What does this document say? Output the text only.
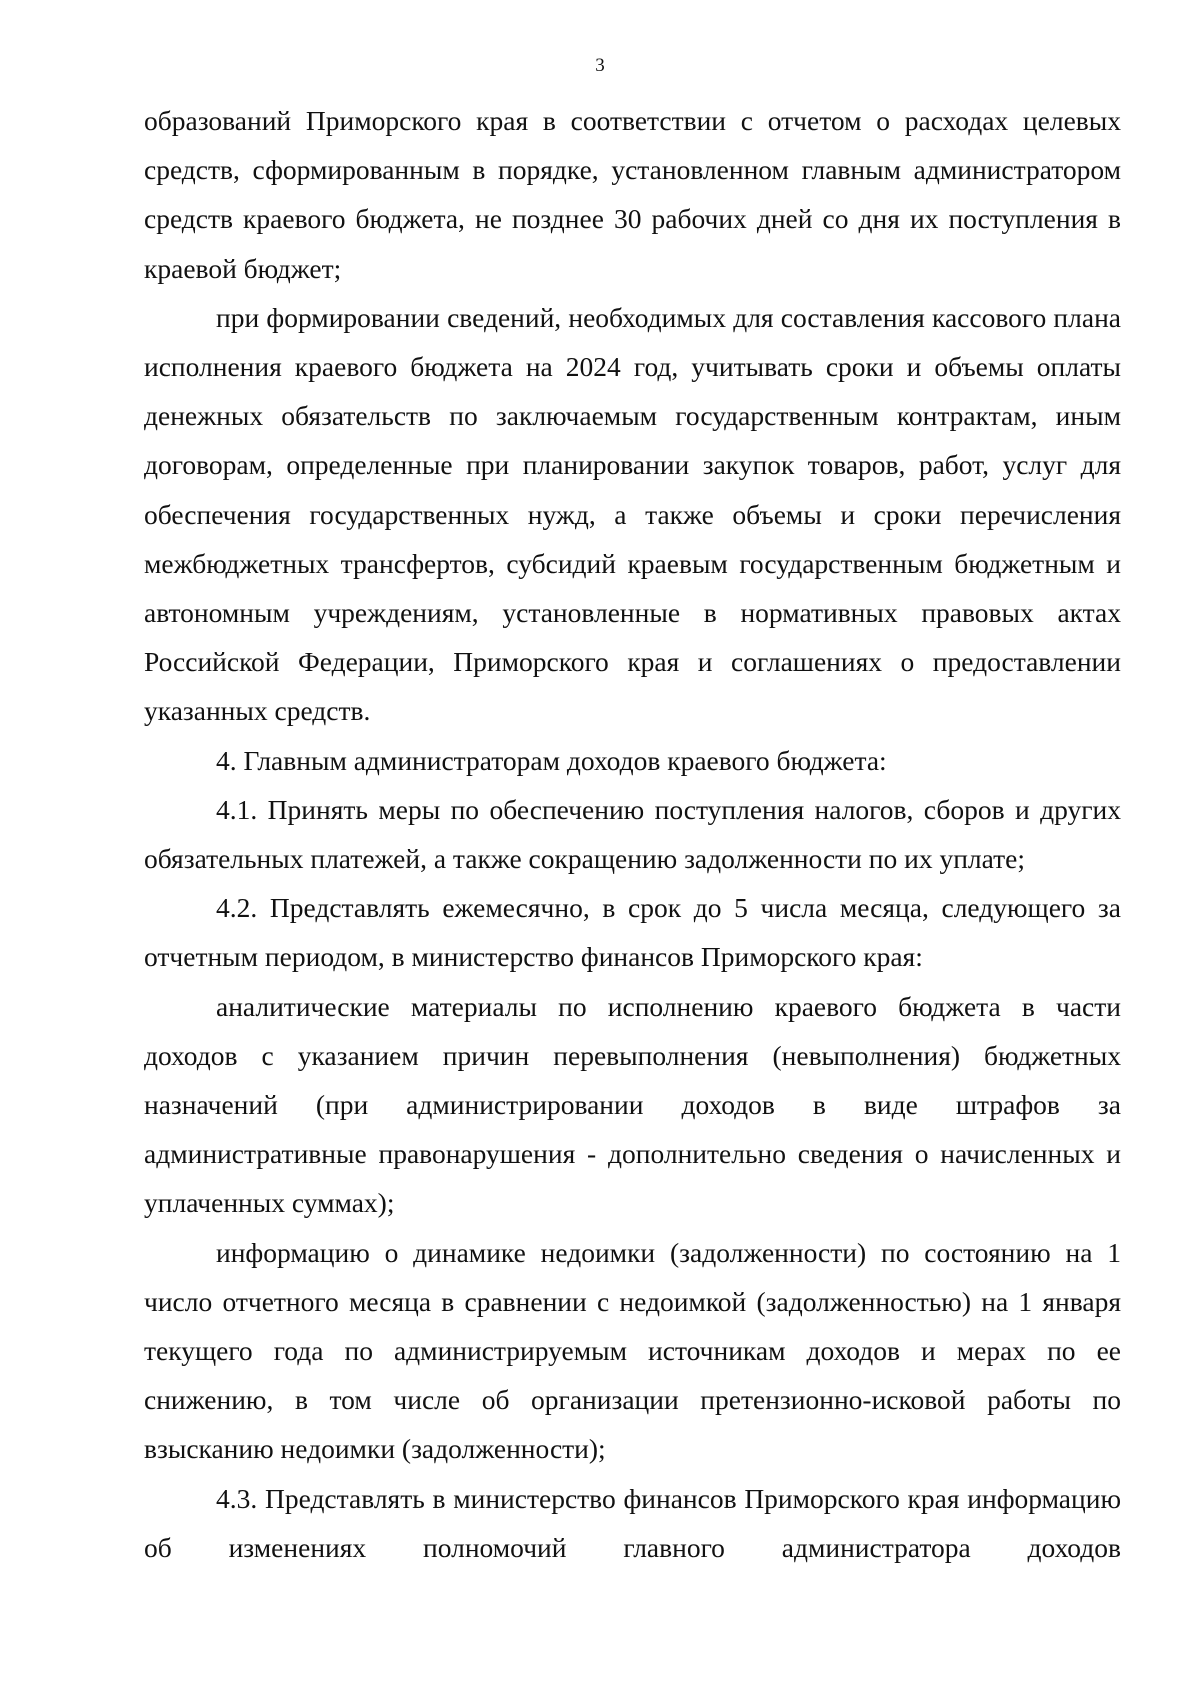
3

образований Приморского края в соответствии с отчетом о расходах целевых средств, сформированным в порядке, установленном главным администратором средств краевого бюджета, не позднее 30 рабочих дней со дня их поступления в краевой бюджет;

при формировании сведений, необходимых для составления кассового плана исполнения краевого бюджета на 2024 год, учитывать сроки и объемы оплаты денежных обязательств по заключаемым государственным контрактам, иным договорам, определенные при планировании закупок товаров, работ, услуг для обеспечения государственных нужд, а также объемы и сроки перечисления межбюджетных трансфертов, субсидий краевым государственным бюджетным и автономным учреждениям, установленные в нормативных правовых актах Российской Федерации, Приморского края и соглашениях о предоставлении указанных средств.

4. Главным администраторам доходов краевого бюджета:

4.1. Принять меры по обеспечению поступления налогов, сборов и других обязательных платежей, а также сокращению задолженности по их уплате;

4.2. Представлять ежемесячно, в срок до 5 числа месяца, следующего за отчетным периодом, в министерство финансов Приморского края:

аналитические материалы по исполнению краевого бюджета в части доходов с указанием причин перевыполнения (невыполнения) бюджетных назначений (при администрировании доходов в виде штрафов за административные правонарушения - дополнительно сведения о начисленных и уплаченных суммах);

информацию о динамике недоимки (задолженности) по состоянию на 1 число отчетного месяца в сравнении с недоимкой (задолженностью) на 1 января текущего года по администрируемым источникам доходов и мерах по ее снижению, в том числе об организации претензионно-исковой работы по взысканию недоимки (задолженности);

4.3. Представлять в министерство финансов Приморского края информацию об изменениях полномочий главного администратора доходов
